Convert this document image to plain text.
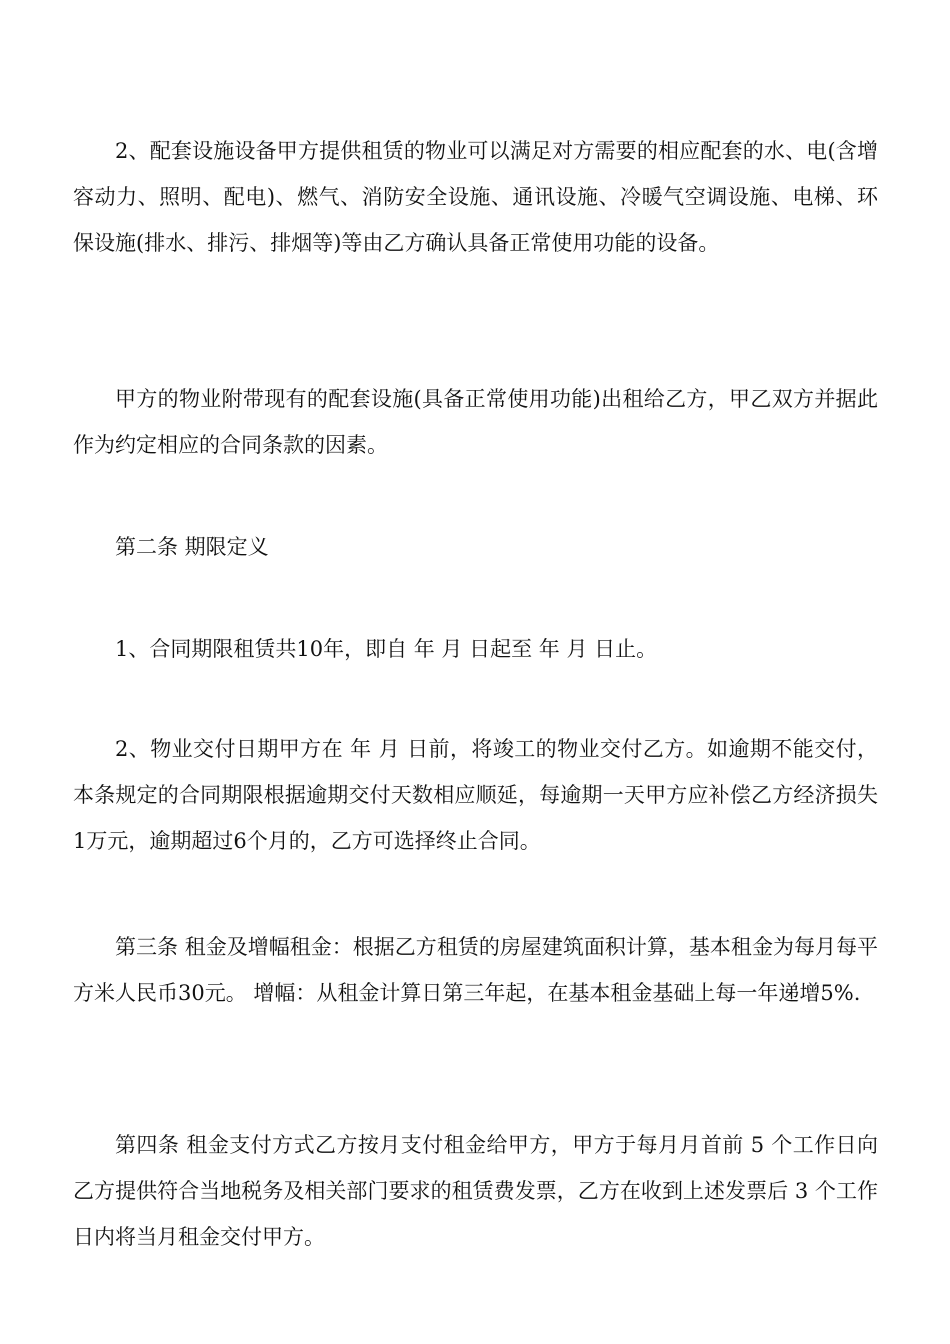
2、配套设施设备甲方提供租赁的物业可以满足对方需要的相应配套的水、电(含增容动力、照明、配电)、燃气、消防安全设施、通讯设施、冷暖气空调设施、电梯、环保设施(排水、排污、排烟等)等由乙方确认具备正常使用功能的设备。

甲方的物业附带现有的配套设施(具备正常使用功能)出租给乙方，甲乙双方并据此作为约定相应的合同条款的因素。

第二条 期限定义

1、合同期限租赁共10年，即自 年 月 日起至 年 月 日止。

2、物业交付日期甲方在 年 月 日前，将竣工的物业交付乙方。如逾期不能交付，本条规定的合同期限根据逾期交付天数相应顺延，每逾期一天甲方应补偿乙方经济损失1万元，逾期超过6个月的，乙方可选择终止合同。

第三条 租金及增幅租金：根据乙方租赁的房屋建筑面积计算，基本租金为每月每平方米人民币30元。 增幅：从租金计算日第三年起，在基本租金基础上每一年递增5%.

第四条 租金支付方式乙方按月支付租金给甲方，甲方于每月月首前 5 个工作日向乙方提供符合当地税务及相关部门要求的租赁费发票，乙方在收到上述发票后 3 个工作日内将当月租金交付甲方。
